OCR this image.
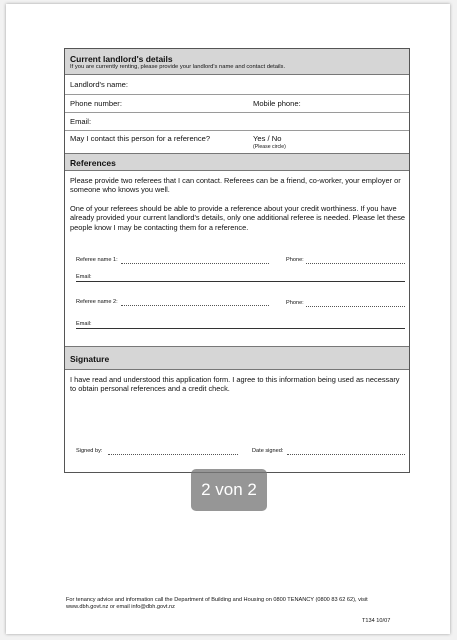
Current landlord's details
If you are currently renting, please provide your landlord's name and contact details.
Landlord's name:
Phone number:	Mobile phone:
Email:
May I contact this person for a reference?	Yes / No
(Please circle)
References
Please provide two referees that I can contact. Referees can be a friend, co-worker, your employer or someone who knows you well.
One of your referees should be able to provide a reference about your credit worthiness. If you have already provided your current landlord's details, only one additional referee is needed. Please let these people know I may be contacting them for a reference.
Referee name 1:	Phone:
Email:
Referee name 2:	Phone:
Email:
Signature
I have read and understood this application form. I agree to this information being used as necessary to obtain personal references and a credit check.
Signed by:	Date signed:
2 von 2
For tenancy advice and information call the Department of Building and Housing on 0800 TENANCY (0800 83 62 62), visit
www.dbh.govt.nz or email info@dbh.govt.nz
T134 10/07
